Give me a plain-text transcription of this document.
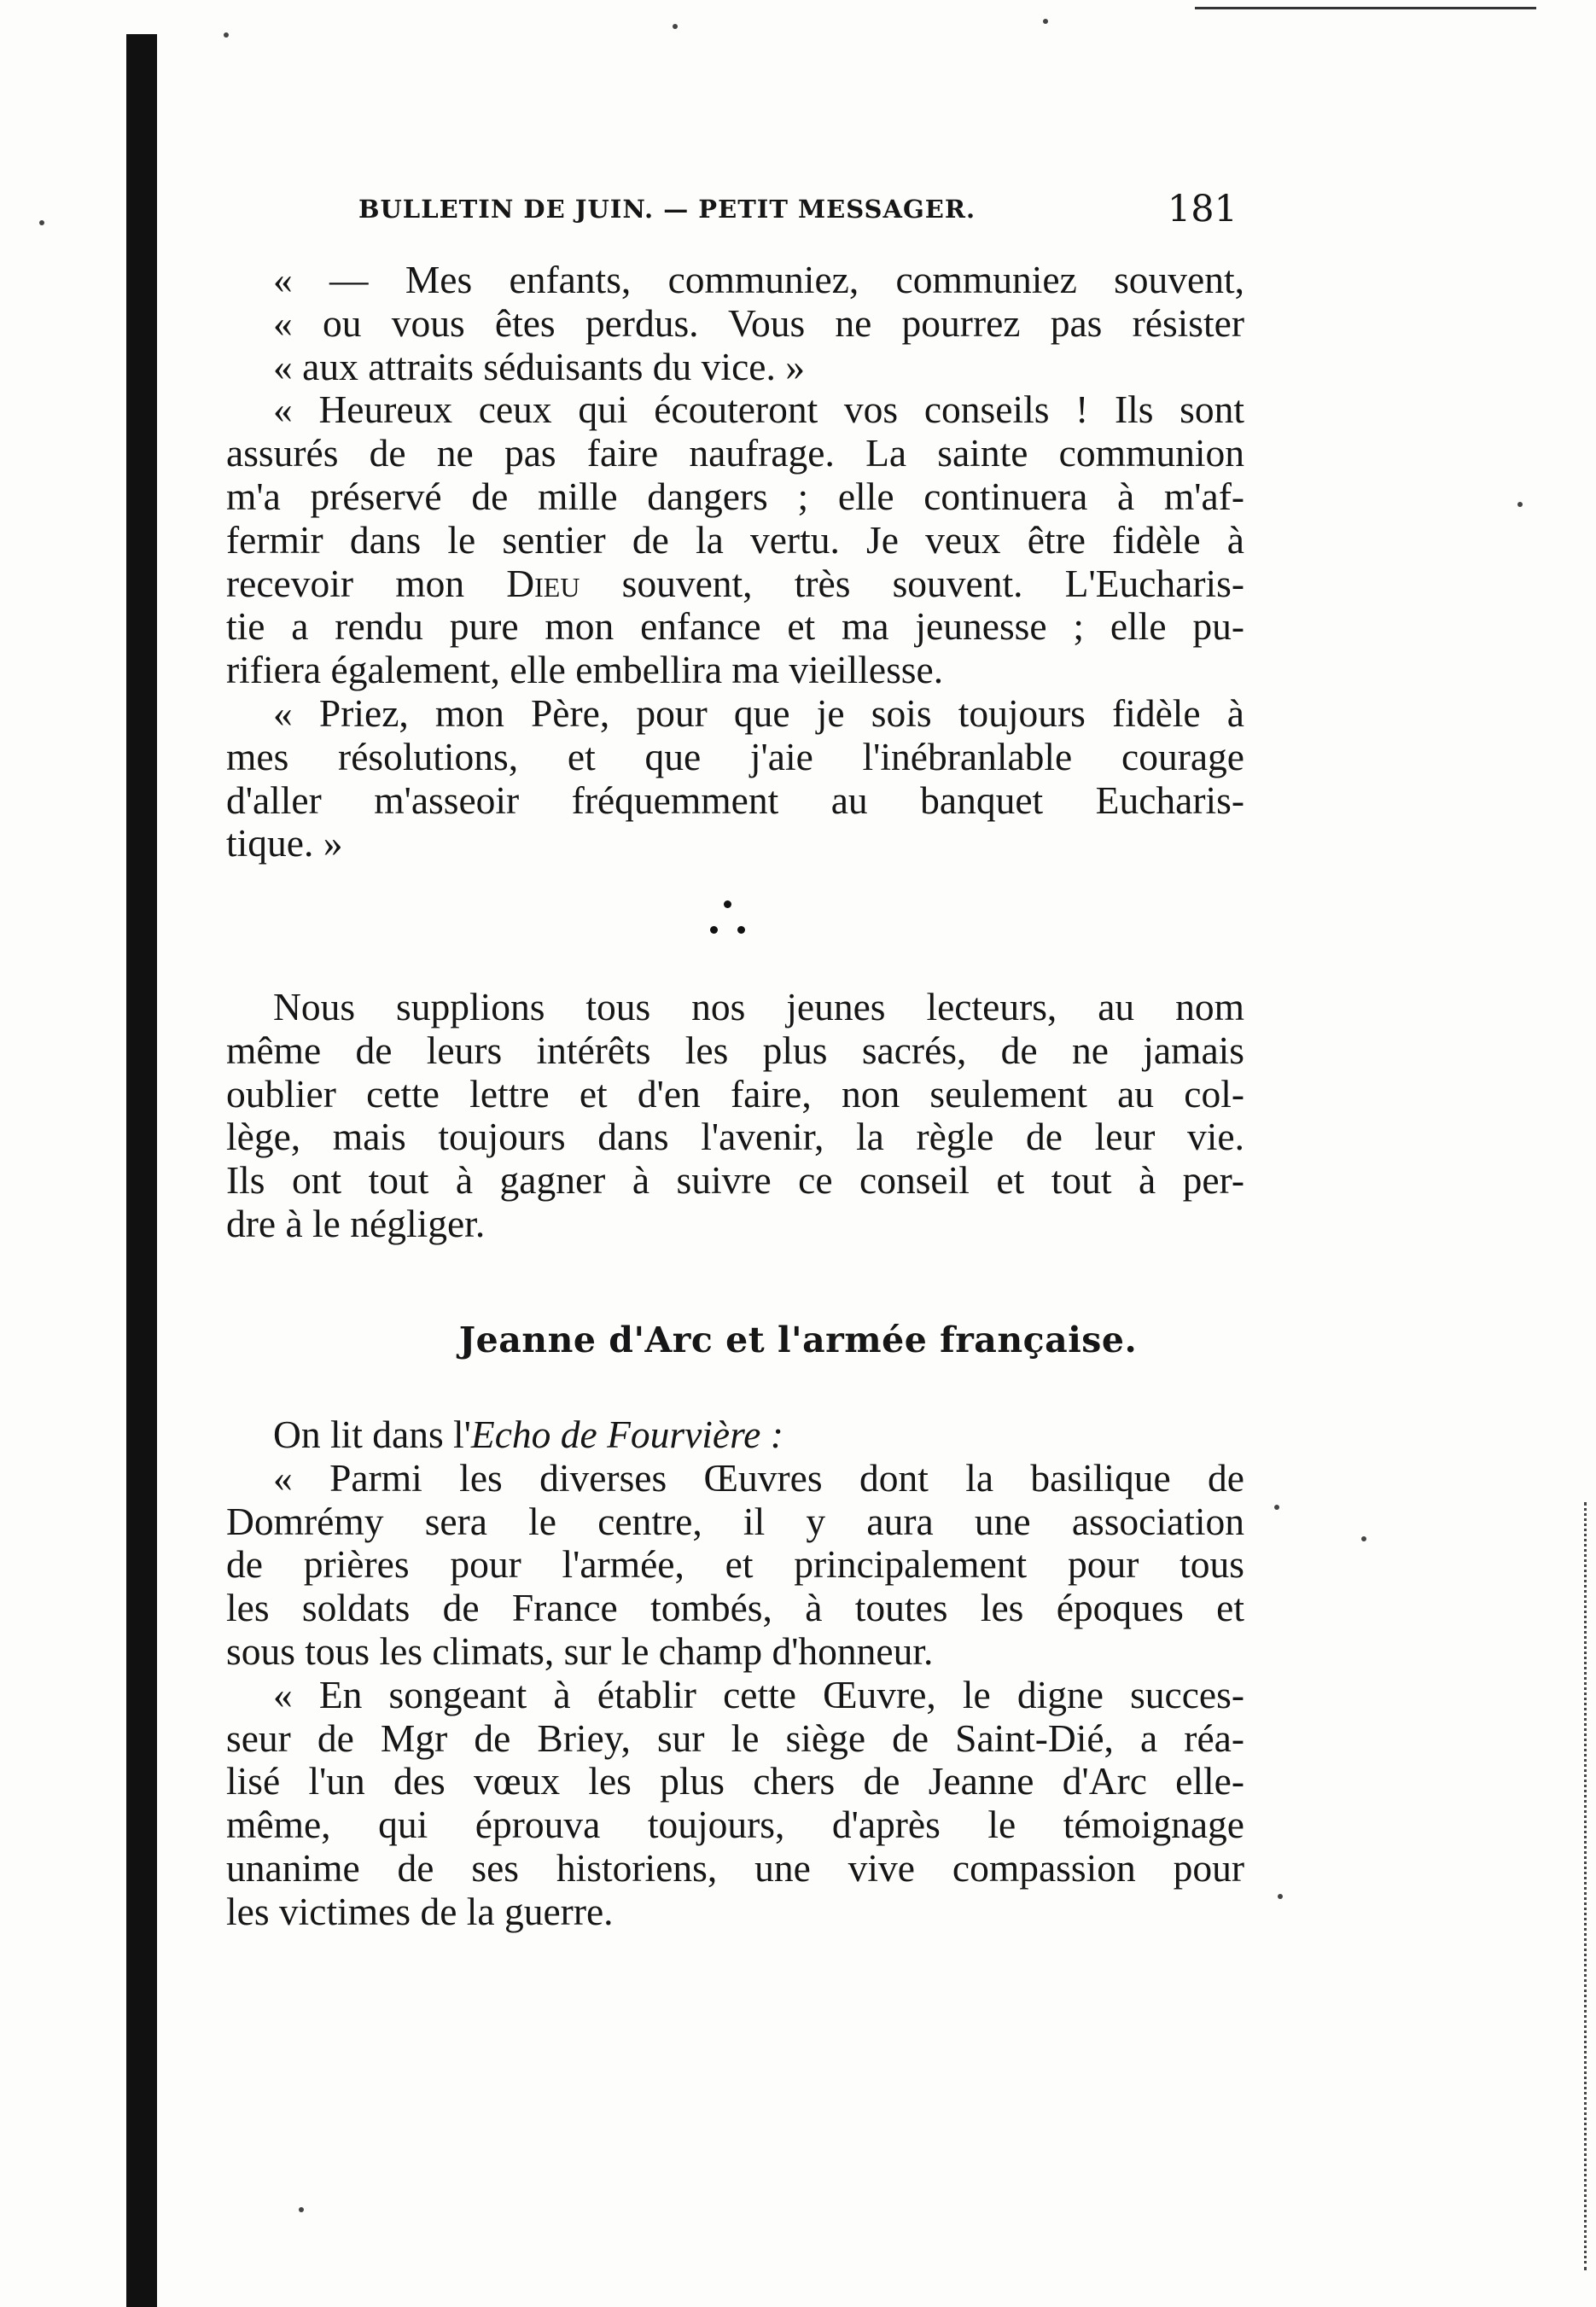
BULLETIN DE JUIN. — PETIT MESSAGER.	181
« — Mes enfants, communiez, communiez souvent,
« ou vous êtes perdus. Vous ne pourrez pas résister
« aux attraits séduisants du vice. »
« Heureux ceux qui écouteront vos conseils ! Ils sont
assurés de ne pas faire naufrage. La sainte communion
m'a préservé de mille dangers ; elle continuera à m'af-
fermir dans le sentier de la vertu. Je veux être fidèle à
recevoir mon Dieu souvent, très souvent. L'Eucharis-
tie a rendu pure mon enfance et ma jeunesse ; elle pu-
rifiera également, elle embellira ma vieillesse.
« Priez, mon Père, pour que je sois toujours fidèle à
mes résolutions, et que j'aie l'inébranlable courage
d'aller m'asseoir fréquemment au banquet Eucharis-
tique. »
Nous supplions tous nos jeunes lecteurs, au nom
même de leurs intérêts les plus sacrés, de ne jamais
oublier cette lettre et d'en faire, non seulement au col-
lège, mais toujours dans l'avenir, la règle de leur vie.
Ils ont tout à gagner à suivre ce conseil et tout à per-
dre à le négliger.
Jeanne d'Arc et l'armée française.
On lit dans l'Echo de Fourvière :
« Parmi les diverses Œuvres dont la basilique de
Domrémy sera le centre, il y aura une association
de prières pour l'armée, et principalement pour tous
les soldats de France tombés, à toutes les époques et
sous tous les climats, sur le champ d'honneur.
« En songeant à établir cette Œuvre, le digne succes-
seur de Mgr de Briey, sur le siège de Saint-Dié, a réa-
lisé l'un des vœux les plus chers de Jeanne d'Arc elle-
même, qui éprouva toujours, d'après le témoignage
unanime de ses historiens, une vive compassion pour
les victimes de la guerre.
